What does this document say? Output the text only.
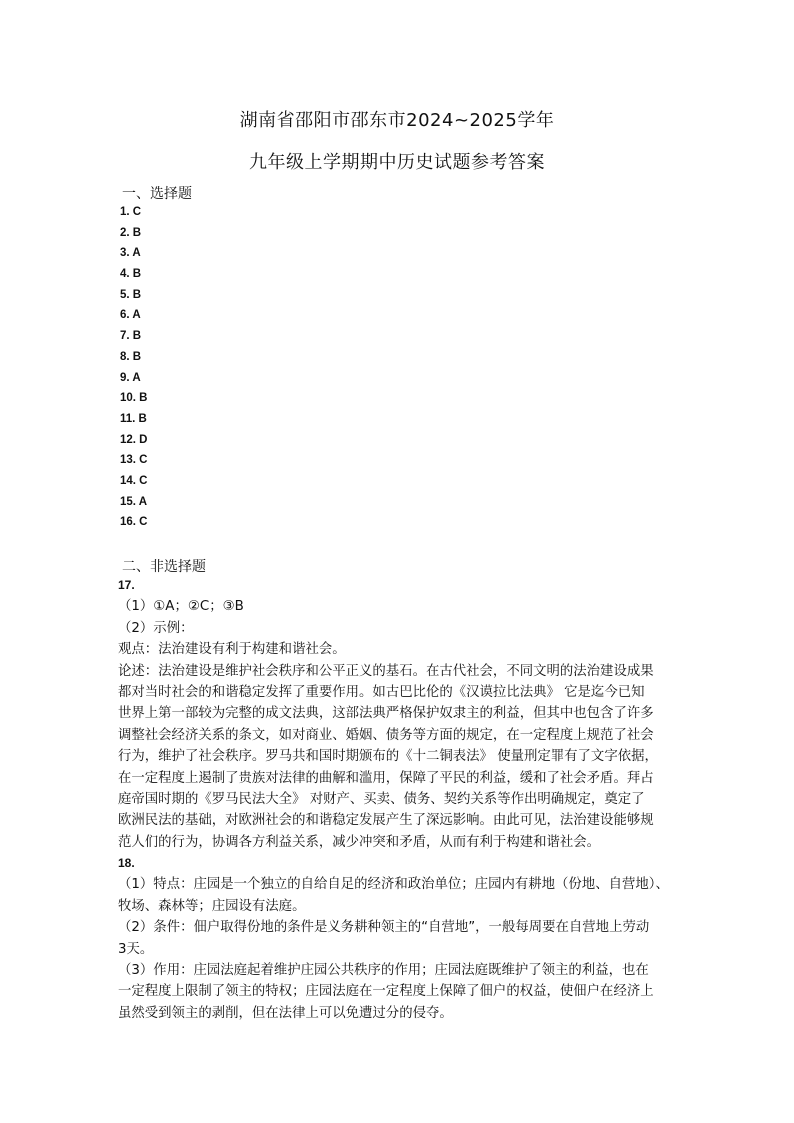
湖南省邵阳市邵东市2024~2025学年
九年级上学期期中历史试题参考答案
一、选择题
1. C
2. B
3. A
4. B
5. B
6. A
7. B
8. B
9. A
10. B
11. B
12. D
13. C
14. C
15. A
16. C
二、非选择题
17.
（1）①A；②C；③B
（2）示例：
观点：法治建设有利于构建和谐社会。
论述：法治建设是维护社会秩序和公平正义的基石。在古代社会，不同文明的法治建设成果
都对当时社会的和谐稳定发挥了重要作用。如古巴比伦的《汉谟拉比法典》 它是迄今已知
世界上第一部较为完整的成文法典，这部法典严格保护奴隶主的利益，但其中也包含了许多
调整社会经济关系的条文，如对商业、婚姻、债务等方面的规定，在一定程度上规范了社会
行为，维护了社会秩序。罗马共和国时期颁布的《十二铜表法》 使量刑定罪有了文字依据，
在一定程度上遏制了贵族对法律的曲解和滥用，保障了平民的利益，缓和了社会矛盾。拜占
庭帝国时期的《罗马民法大全》 对财产、买卖、债务、契约关系等作出明确规定，奠定了
欧洲民法的基础，对欧洲社会的和谐稳定发展产生了深远影响。由此可见，法治建设能够规
范人们的行为，协调各方利益关系，减少冲突和矛盾，从而有利于构建和谐社会。
18.
（1）特点：庄园是一个独立的自给自足的经济和政治单位；庄园内有耕地（份地、自营地）、
牧场、森林等；庄园设有法庭。
（2）条件：佃户取得份地的条件是义务耕种领主的“自营地”，一般每周要在自营地上劳动
3天。
（3）作用：庄园法庭起着维护庄园公共秩序的作用；庄园法庭既维护了领主的利益，也在
一定程度上限制了领主的特权；庄园法庭在一定程度上保障了佃户的权益，使佃户在经济上
虽然受到领主的剥削，但在法律上可以免遭过分的侵夺。
